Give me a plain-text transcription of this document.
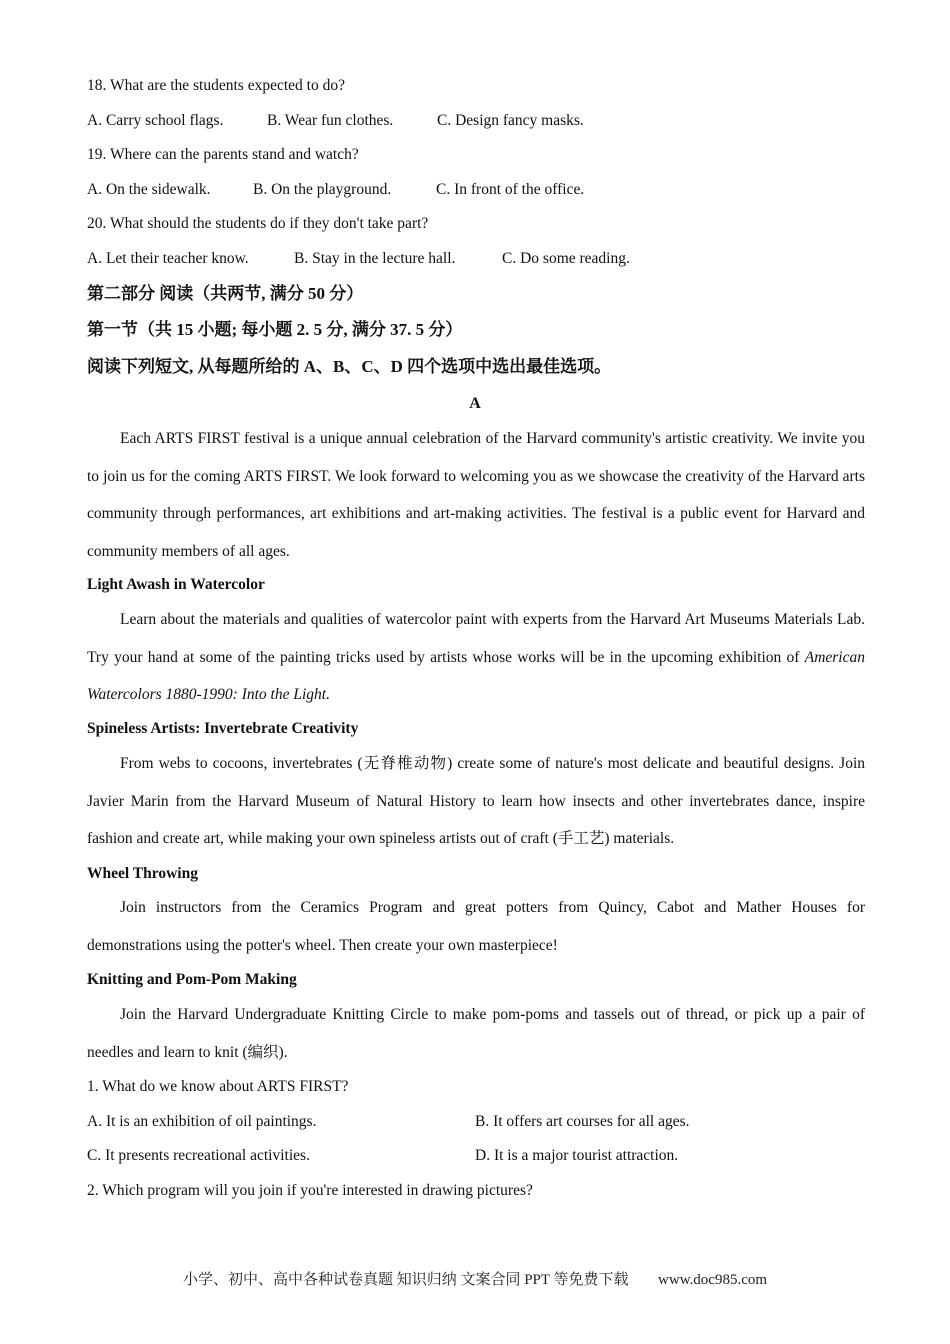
18. What are the students expected to do?
A. Carry school flags.	B. Wear fun clothes.	C. Design fancy masks.
19. Where can the parents stand and watch?
A. On the sidewalk.	B. On the playground.	C. In front of the office.
20. What should the students do if they don't take part?
A. Let their teacher know.	B. Stay in the lecture hall.	C. Do some reading.
第二部分 阅读（共两节, 满分 50 分）
第一节（共 15 小题; 每小题 2. 5 分, 满分 37. 5 分）
阅读下列短文, 从每题所给的 A、B、C、D 四个选项中选出最佳选项。
A
Each ARTS FIRST festival is a unique annual celebration of the Harvard community's artistic creativity. We invite you to join us for the coming ARTS FIRST. We look forward to welcoming you as we showcase the creativity of the Harvard arts community through performances, art exhibitions and art-making activities. The festival is a public event for Harvard and community members of all ages.
Light Awash in Watercolor
Learn about the materials and qualities of watercolor paint with experts from the Harvard Art Museums Materials Lab. Try your hand at some of the painting tricks used by artists whose works will be in the upcoming exhibition of American Watercolors 1880-1990: Into the Light.
Spineless Artists: Invertebrate Creativity
From webs to cocoons, invertebrates (无脊椎动物) create some of nature's most delicate and beautiful designs. Join Javier Marin from the Harvard Museum of Natural History to learn how insects and other invertebrates dance, inspire fashion and create art, while making your own spineless artists out of craft (手工艺) materials.
Wheel Throwing
Join instructors from the Ceramics Program and great potters from Quincy, Cabot and Mather Houses for demonstrations using the potter's wheel. Then create your own masterpiece!
Knitting and Pom-Pom Making
Join the Harvard Undergraduate Knitting Circle to make pom-poms and tassels out of thread, or pick up a pair of needles and learn to knit (编织).
1. What do we know about ARTS FIRST?
A. It is an exhibition of oil paintings.	B. It offers art courses for all ages.
C. It presents recreational activities.	D. It is a major tourist attraction.
2. Which program will you join if you're interested in drawing pictures?
小学、初中、高中各种试卷真题 知识归纳 文案合同 PPT 等免费下载 www.doc985.com
